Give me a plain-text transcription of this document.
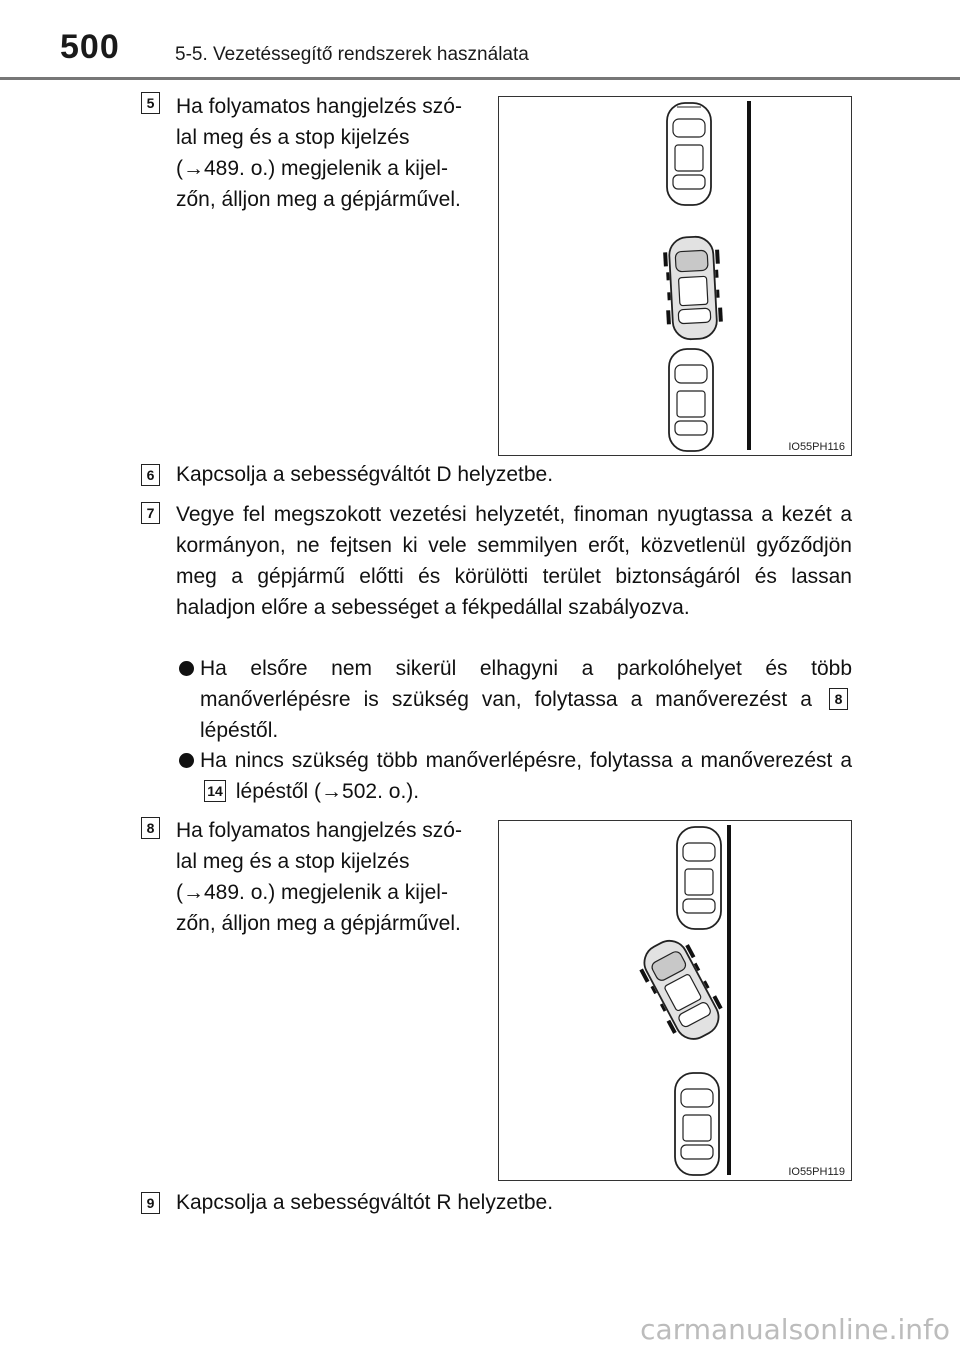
500	5-5. Vezetéssegítő rendszerek használata
5 Ha folyamatos hangjelzés szó-
lal meg és a stop kijelzés
(→489. o.) megjelenik a kijel-
zőn, álljon meg a gépjárművel.
IO55PH116
6 Kapcsolja a sebességváltót D helyzetbe.
7 Vegye fel megszokott vezetési helyzetét, finoman nyugtassa a kezét a kormányon, ne fejtsen ki vele semmilyen erőt, közvetlenül győződjön meg a gépjármű előtti és körülötti terület biztonságáról és lassan haladjon előre a sebességet a fékpedállal szabályozva.
Ha elsőre nem sikerül elhagyni a parkolóhelyet és több manőverlépésre is szükség van, folytassa a manőverezést a 8 lépéstől.
Ha nincs szükség több manőverlépésre, folytassa a manőverezést a 14 lépéstől (→502. o.).
8 Ha folyamatos hangjelzés szó-
lal meg és a stop kijelzés
(→489. o.) megjelenik a kijel-
zőn, álljon meg a gépjárművel.
IO55PH119
9 Kapcsolja a sebességváltót R helyzetbe.
carmanualsonline.info
